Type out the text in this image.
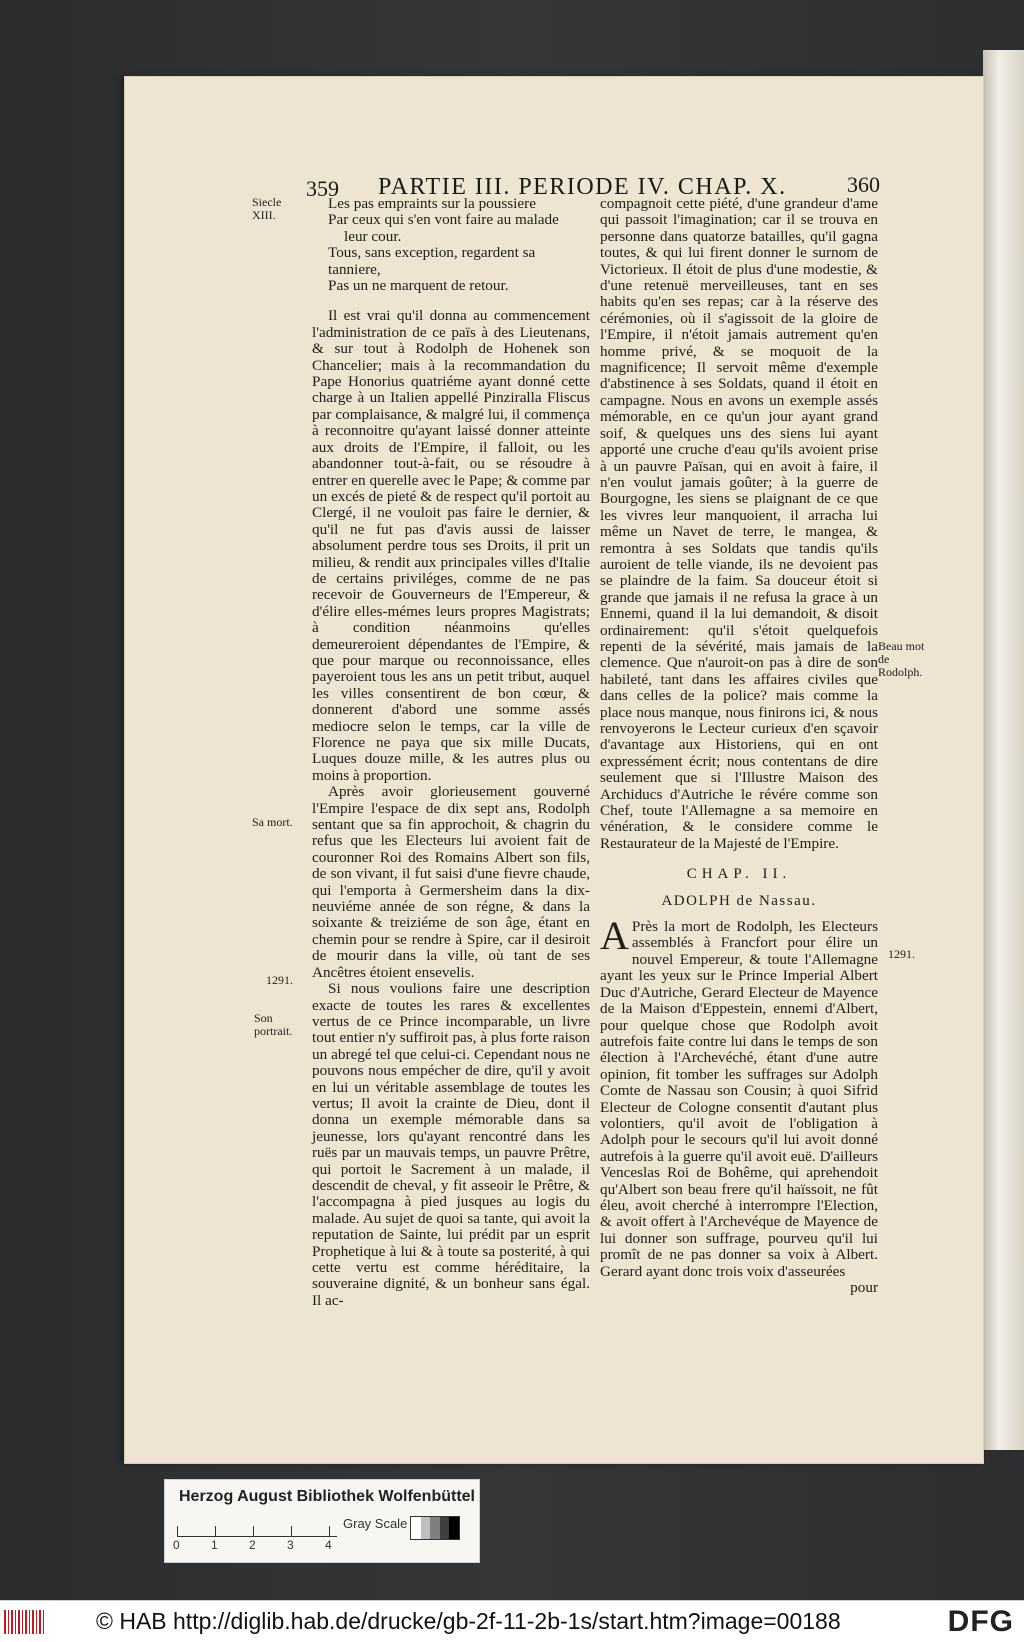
359 PARTIE III. PERIODE IV. CHAP. X.	360
Siecle XIII.
Sa mort.
1291.
Son portrait.
Beau mot de Rodolph.
1291.
Les pas empraints sur la poussiere
Par ceux qui s'en vont faire au malade
leur cour.
Tous, sans exception, regardent sa tanniere,
Pas un ne marquent de retour.

Il est vrai qu'il donna au commencement l'administration de ce païs à des Lieutenans, & sur tout à Rodolph de Hohenek son Chancelier; mais à la recommandation du Pape Honorius quatriéme ayant donné cette charge à un Italien appellé Pinziralla Fliscus par complaisance, & malgré lui, il commença à reconnoitre qu'ayant laissé donner atteinte aux droits de l'Empire, il falloit, ou les abandonner tout-à-fait, ou se résoudre à entrer en querelle avec le Pape; & comme par un excés de pieté & de respect qu'il portoit au Clergé, il ne vouloit pas faire le dernier, & qu'il ne fut pas d'avis aussi de laisser absolument perdre tous ses Droits, il prit un milieu, & rendit aux principales villes d'Italie de certains priviléges, comme de ne pas recevoir de Gouverneurs de l'Empereur, & d'élire elles-mémes leurs propres Magistrats; à condition néanmoins qu'elles demeureroient dépendantes de l'Empire, & que pour marque ou reconnoissance, elles payeroient tous les ans un petit tribut, auquel les villes consentirent de bon cœur, & donnerent d'abord une somme assés mediocre selon le temps, car la ville de Florence ne paya que six mille Ducats, Luques douze mille, & les autres plus ou moins à proportion.

Après avoir glorieusement gouverné l'Empire l'espace de dix sept ans, Rodolph sentant que sa fin approchoit, & chagrin du refus que les Electeurs lui avoient fait de couronner Roi des Romains Albert son fils, de son vivant, il fut saisi d'une fievre chaude, qui l'emporta à Germersheim dans la dix-neuviéme année de son régne, & dans la soixante & treiziéme de son âge, étant en chemin pour se rendre à Spire, car il desiroit de mourir dans la ville, où tant de ses Ancêtres étoient ensevelis.

Si nous voulions faire une description exacte de toutes les rares & excellentes vertus de ce Prince incomparable, un livre tout entier n'y suffiroit pas, à plus forte raison un abregé tel que celui-ci. Cependant nous ne pouvons nous empécher de dire, qu'il y avoit en lui un véritable assemblage de toutes les vertus; Il avoit la crainte de Dieu, dont il donna un exemple mémorable dans sa jeunesse, lors qu'ayant rencontré dans les ruës par un mauvais temps, un pauvre Prêtre, qui portoit le Sacrement à un malade, il descendit de cheval, y fit asseoir le Prêtre, & l'accompagna à pied jusques au logis du malade. Au sujet de quoi sa tante, qui avoit la reputation de Sainte, lui prédit par un esprit Prophetique à lui & à toute sa posterité, à qui cette vertu est comme héréditaire, la souveraine dignité, & un bonheur sans égal. Il ac-

compagnoit cette piété, d'une grandeur d'ame qui passoit l'imagination; car il se trouva en personne dans quatorze batailles, qu'il gagna toutes, & qui lui firent donner le surnom de Victorieux. Il étoit de plus d'une modestie, & d'une retenuë merveilleuses, tant en ses habits qu'en ses repas; car à la réserve des cérémonies, où il s'agissoit de la gloire de l'Empire, il n'étoit jamais autrement qu'en homme privé, & se moquoit de la magnificence; Il servoit même d'exemple d'abstinence à ses Soldats, quand il étoit en campagne. Nous en avons un exemple assés mémorable, en ce qu'un jour ayant grand soif, & quelques uns des siens lui ayant apporté une cruche d'eau qu'ils avoient prise à un pauvre Païsan, qui en avoit à faire, il n'en voulut jamais goûter; à la guerre de Bourgogne, les siens se plaignant de ce que les vivres leur manquoient, il arracha lui même un Navet de terre, le mangea, & remontra à ses Soldats que tandis qu'ils auroient de telle viande, ils ne devoient pas se plaindre de la faim. Sa douceur étoit si grande que jamais il ne refusa la grace à un Ennemi, quand il la lui demandoit, & disoit ordinairement: qu'il s'étoit quelquefois repenti de la sévérité, mais jamais de la clemence. Que n'auroit-on pas à dire de son habileté, tant dans les affaires civiles que dans celles de la police? mais comme la place nous manque, nous finirons ici, & nous renvoyerons le Lecteur curieux d'en sçavoir d'avantage aux Historiens, qui en ont expressément écrit; nous contentans de dire seulement que si l'Illustre Maison des Archiducs d'Autriche le révére comme son Chef, toute l'Allemagne a sa memoire en vénération, & le considere comme le Restaurateur de la Majesté de l'Empire.

CHAP. II.
ADOLPH de Nassau.

A Près la mort de Rodolph, les Electeurs assemblés à Francfort pour élire un nouvel Empereur, & toute l'Allemagne ayant les yeux sur le Prince Imperial Albert Duc d'Autriche, Gerard Electeur de Mayence de la Maison d'Eppestein, ennemi d'Albert, pour quelque chose que Rodolph avoit autrefois faite contre lui dans le temps de son élection à l'Archevéché, étant d'une autre opinion, fit tomber les suffrages sur Adolph Comte de Nassau son Cousin; à quoi Sifrid Electeur de Cologne consentit d'autant plus volontiers, qu'il avoit de l'obligation à Adolph pour le secours qu'il lui avoit donné autrefois à la guerre qu'il avoit euë. D'ailleurs Venceslas Roi de Bohême, qui aprehendoit qu'Albert son beau frere qu'il haïssoit, ne fût éleu, avoit cherché à interrompre l'Election, & avoit offert à l'Archevéque de Mayence de lui donner son suffrage, pourveu qu'il lui promît de ne pas donner sa voix à Albert. Gerard ayant donc trois voix d'asseurées

pour
Herzog August Bibliothek Wolfenbüttel
0	1	2	3	4
Gray Scale
© HAB http://diglib.hab.de/drucke/gb-2f-11-2b-1s/start.htm?image=00188	DFG
